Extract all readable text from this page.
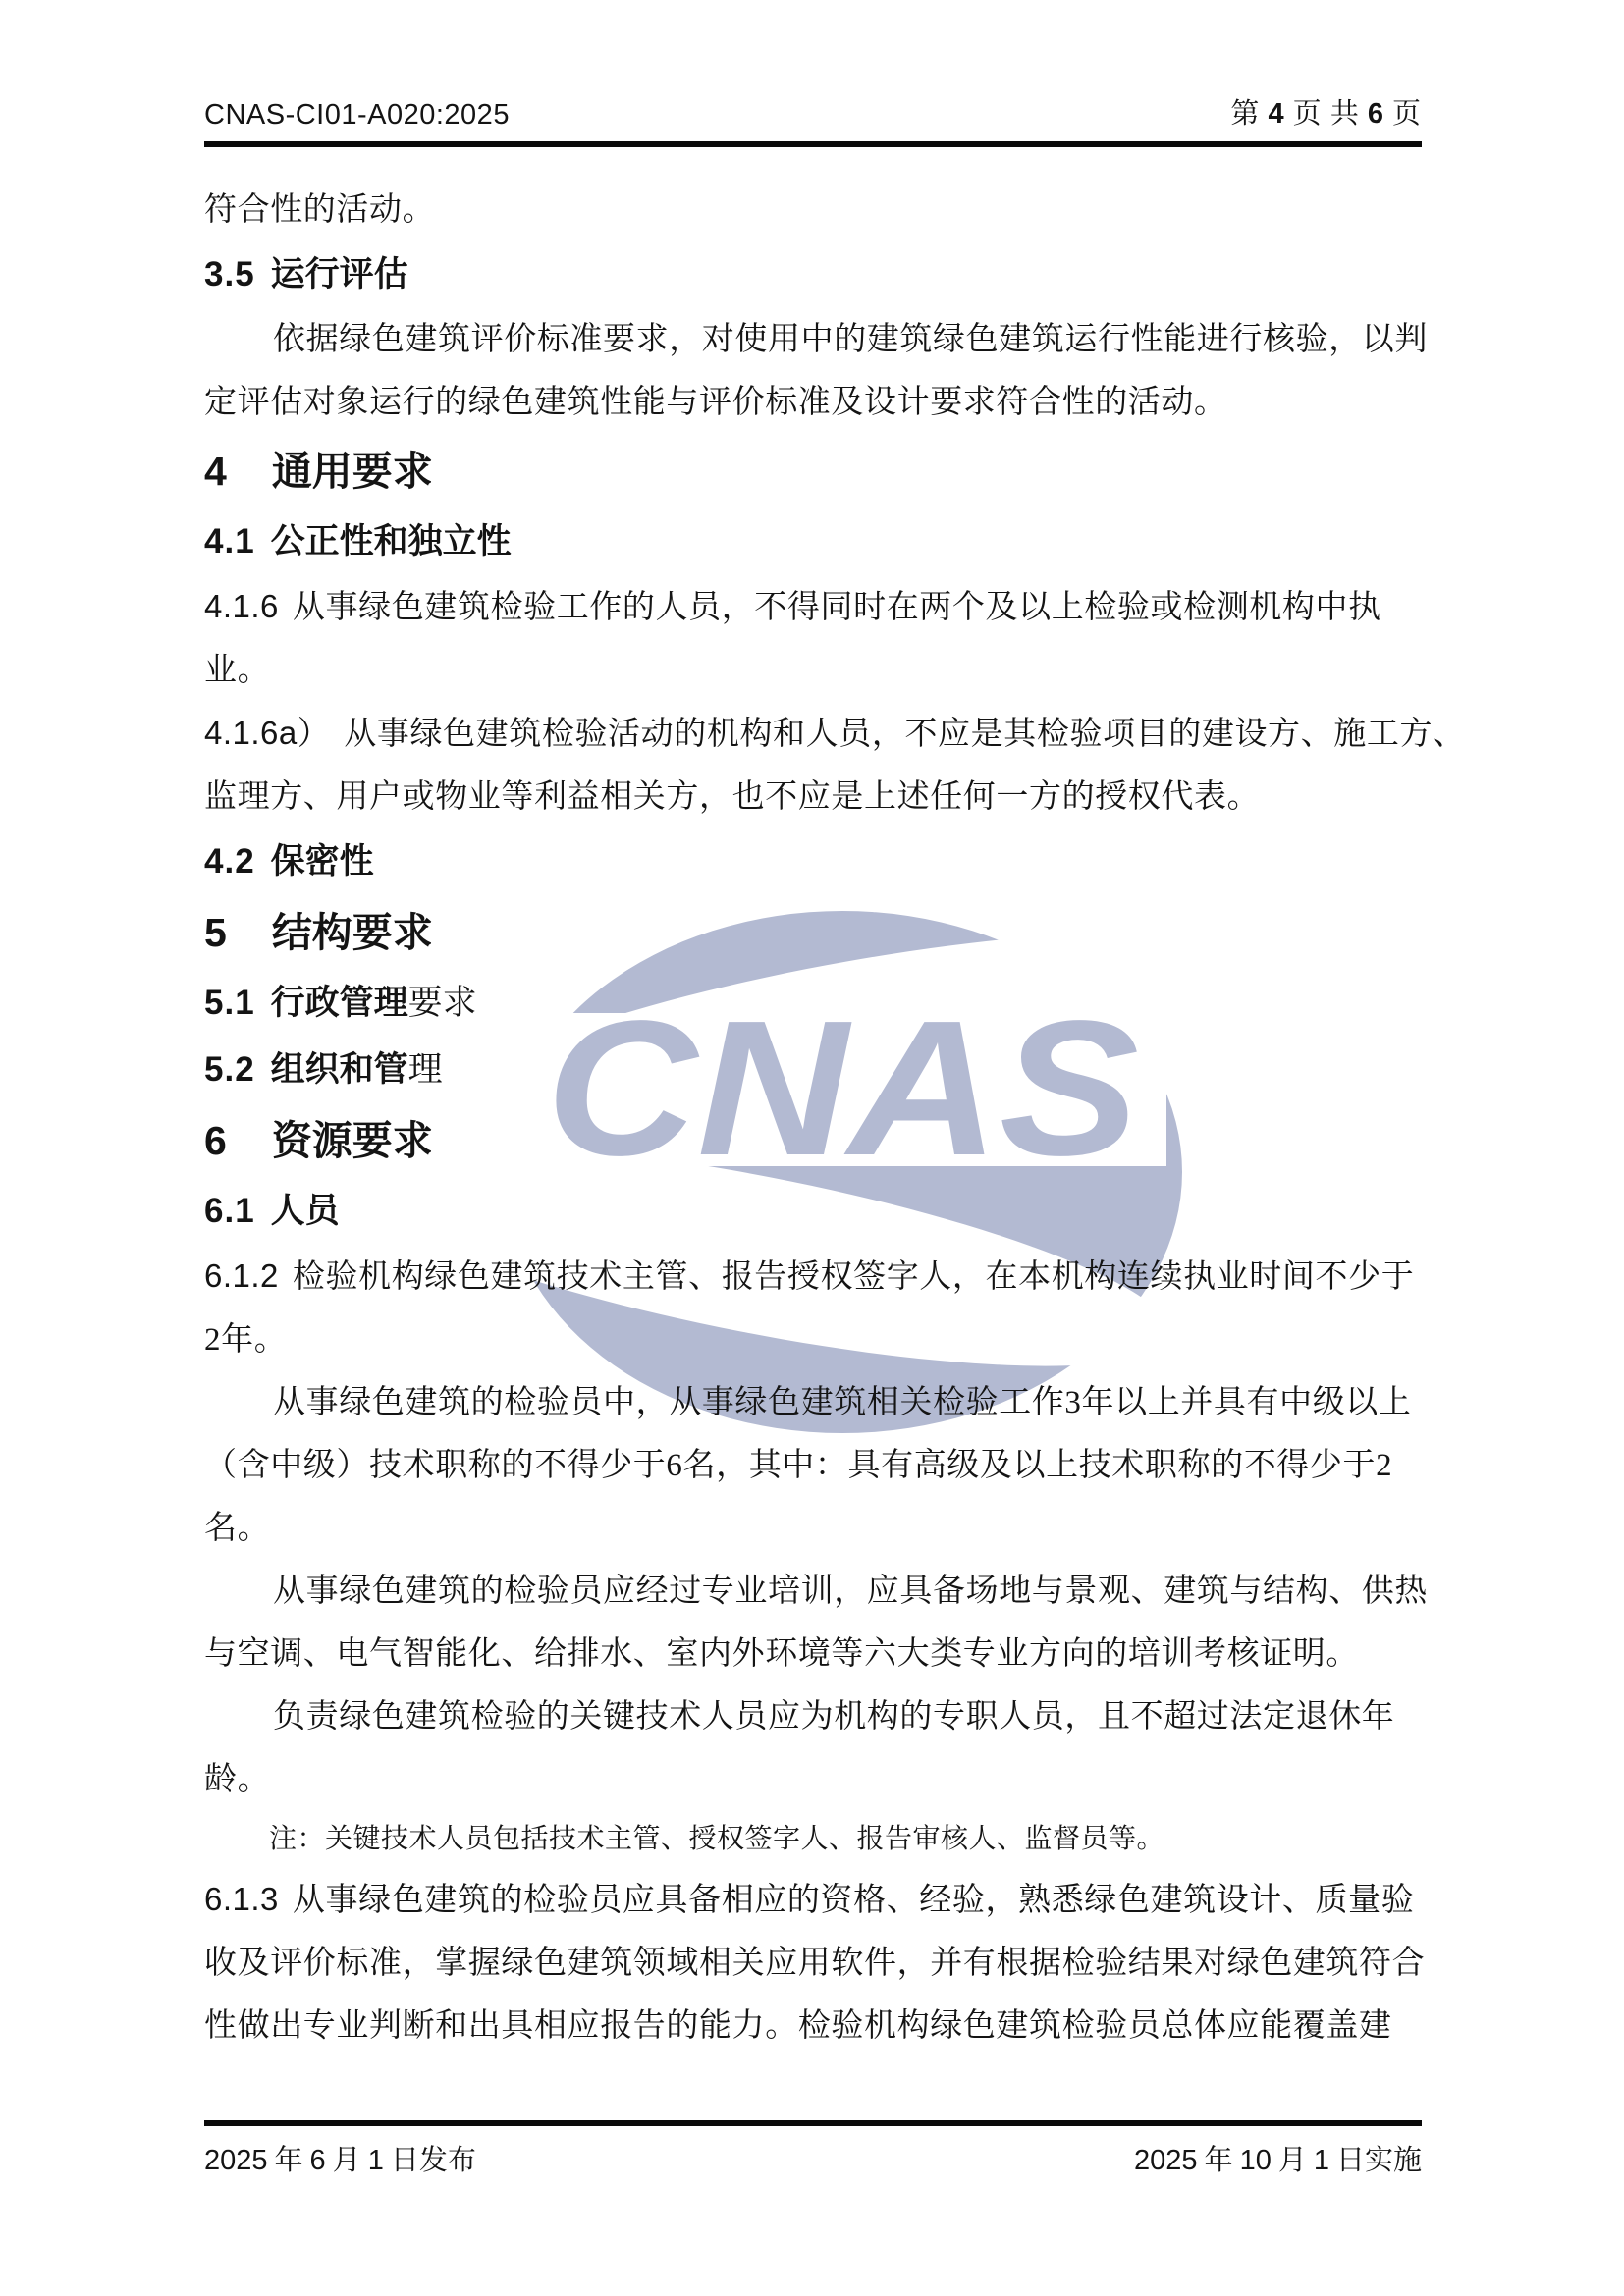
CNAS
CNAS-CI01-A020:2025	第 4 页 共 6 页

符合性的活动。

3.5 运行评估

依据绿色建筑评价标准要求，对使用中的建筑绿色建筑运行性能进行核验，以判

定评估对象运行的绿色建筑性能与评价标准及设计要求符合性的活动。

4 通用要求
4.1 公正性和独立性

4.1.6 从事绿色建筑检验工作的人员，不得同时在两个及以上检验或检测机构中执

业。

4.1.6a） 从事绿色建筑检验活动的机构和人员，不应是其检验项目的建设方、施工方、

监理方、用户或物业等利益相关方，也不应是上述任何一方的授权代表。

4.2 保密性
5 结构要求
5.1 行政管理要求
5.2 组织和管理
6 资源要求
6.1 人员

6.1.2 检验机构绿色建筑技术主管、报告授权签字人，在本机构连续执业时间不少于

2年。

从事绿色建筑的检验员中，从事绿色建筑相关检验工作3年以上并具有中级以上

（含中级）技术职称的不得少于6名，其中：具有高级及以上技术职称的不得少于2

名。

从事绿色建筑的检验员应经过专业培训，应具备场地与景观、建筑与结构、供热

与空调、电气智能化、给排水、室内外环境等六大类专业方向的培训考核证明。

负责绿色建筑检验的关键技术人员应为机构的专职人员，且不超过法定退休年

龄。

注：关键技术人员包括技术主管、授权签字人、报告审核人、监督员等。

6.1.3 从事绿色建筑的检验员应具备相应的资格、经验，熟悉绿色建筑设计、质量验

收及评价标准，掌握绿色建筑领域相关应用软件，并有根据检验结果对绿色建筑符合

性做出专业判断和出具相应报告的能力。检验机构绿色建筑检验员总体应能覆盖建

2025 年 6 月 1 日发布	2025 年 10 月 1 日实施
